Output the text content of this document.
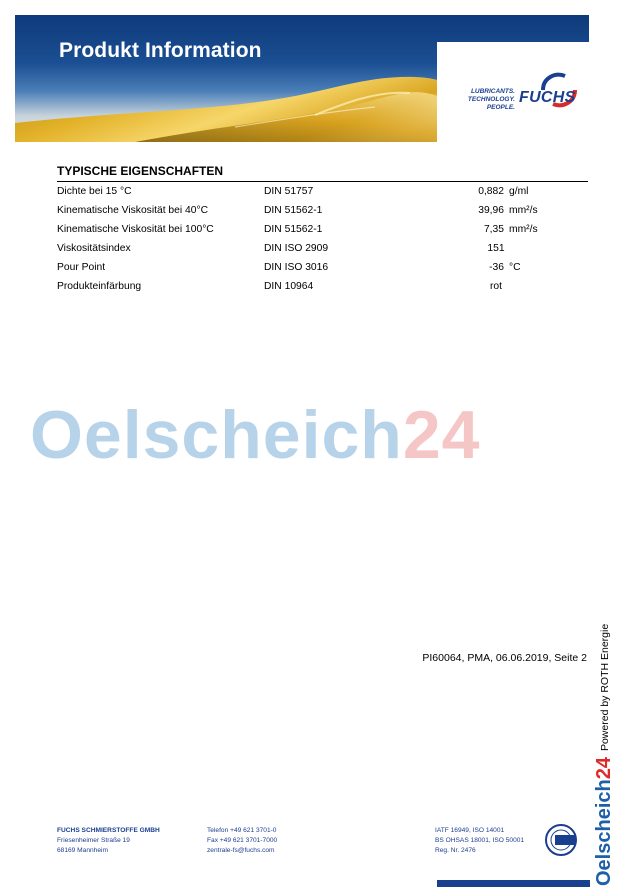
Produkt Information
LUBRICANTS.
TECHNOLOGY.
PEOPLE.
FUCHS
TYPISCHE EIGENSCHAFTEN
Dichte bei 15 °C	DIN 51757	0,882 g/ml
Kinematische Viskosität bei 40°C	DIN 51562-1	39,96 mm²/s
Kinematische Viskosität bei 100°C	DIN 51562-1	7,35 mm²/s
Viskositätsindex	DIN ISO 2909	151
Pour Point	DIN ISO 3016	-36 °C
Produkteinfärbung	DIN 10964	rot
Oelscheich24
PI60064, PMA, 06.06.2019, Seite 2
Oelscheich24Powered by ROTH Energie
FUCHS SCHMIERSTOFFE GMBH
Friesenheimer Straße 19
68169 Mannheim
Telefon +49 621 3701-0
Fax +49 621 3701-7000
zentrale-fs@fuchs.com
IATF 16949, ISO 14001
BS OHSAS 18001, ISO 50001
Reg. Nr. 2476
